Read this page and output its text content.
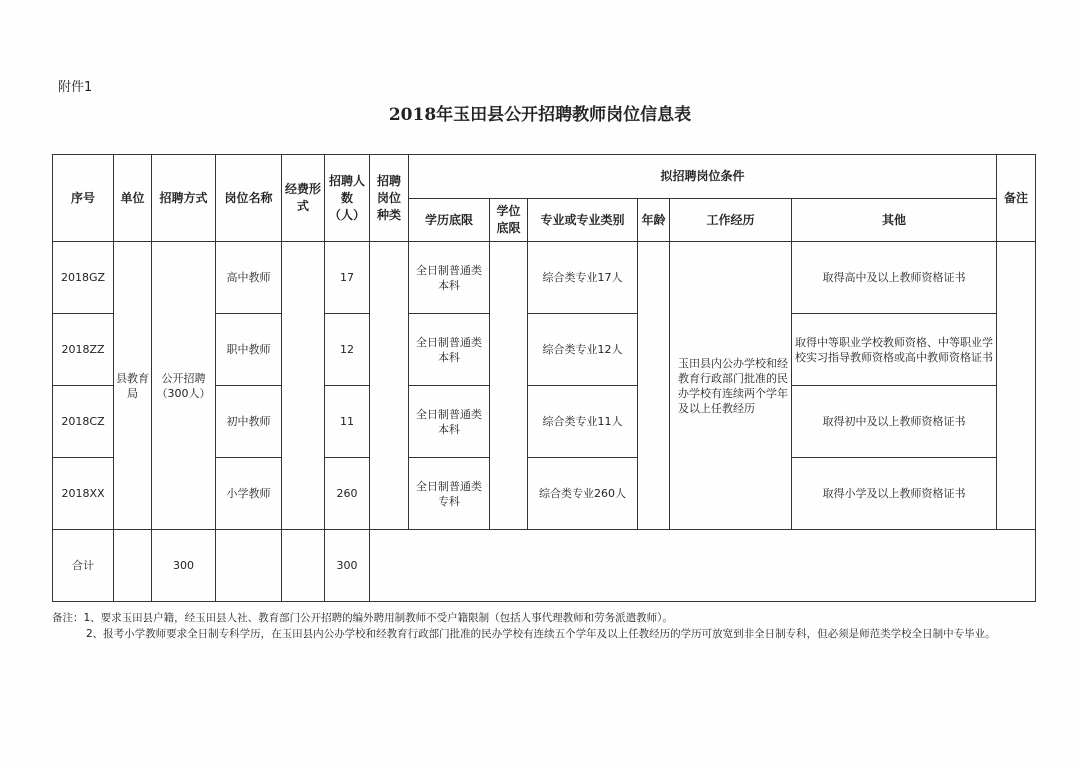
附件1
2018年玉田县公开招聘教师岗位信息表
序号	单位	招聘方式	岗位名称	经费形式	招聘人数（人）	招聘岗位种类	拟招聘岗位条件						备注
							学历底限	学位底限	专业或专业类别	年龄	工作经历	其他	
2018GZ	县教育局	公开招聘（300人）	高中教师		17		全日制普通类本科		综合类专业17人		玉田县内公办学校和经教育行政部门批准的民办学校有连续两个学年及以上任教经历	取得高中及以上教师资格证书	
2018ZZ			职中教师		12		全日制普通类本科		综合类专业12人			取得中等职业学校教师资格、中等职业学校实习指导教师资格或高中教师资格证书	
2018CZ			初中教师		11		全日制普通类本科		综合类专业11人			取得初中及以上教师资格证书	
2018XX			小学教师		260		全日制普通类专科		综合类专业260人			取得小学及以上教师资格证书	
合计		300			300								
备注：1、要求玉田县户籍，经玉田县人社、教育部门公开招聘的编外聘用制教师不受户籍限制（包括人事代理教师和劳务派遣教师）。
2、报考小学教师要求全日制专科学历，在玉田县内公办学校和经教育行政部门批准的民办学校有连续五个学年及以上任教经历的学历可放宽到非全日制专科，但必须是师范类学校全日制中专毕业。
